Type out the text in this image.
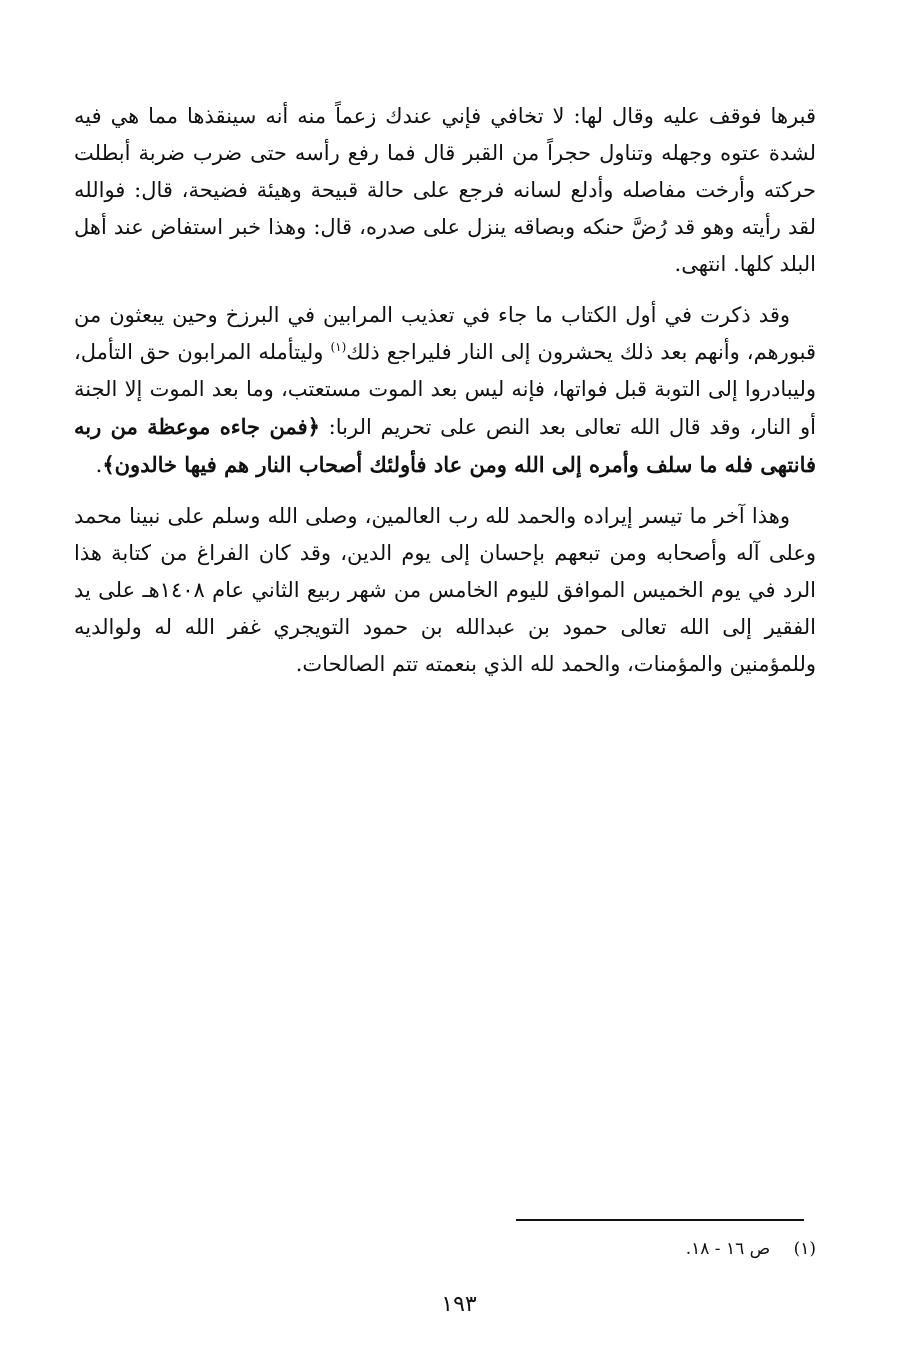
قبرها فوقف عليه وقال لها: لا تخافي فإني عندك زعماً منه أنه سينقذها مما هي فيه لشدة عتوه وجهله وتناول حجراً من القبر قال فما رفع رأسه حتى ضرب ضربة أبطلت حركته وأرخت مفاصله وأدلع لسانه فرجع على حالة قبيحة وهيئة فضيحة، قال: فوالله لقد رأيته وهو قد رُضَّ حنكه وبصاقه ينزل على صدره، قال: وهذا خبر استفاض عند أهل البلد كلها. انتهى.

وقد ذكرت في أول الكتاب ما جاء في تعذيب المرابين في البرزخ وحين يبعثون من قبورهم، وأنهم بعد ذلك يحشرون إلى النار فليراجع ذلك$^{(١)}$ وليتأمله المرابون حق التأمل، وليبادروا إلى التوبة قبل فواتها، فإنه ليس بعد الموت مستعتب، وما بعد الموت إلا الجنة أو النار، وقد قال الله تعالى بعد النص على تحريم الربا: ﴿فمن جاءه موعظة من ربه فانتهى فله ما سلف وأمره إلى الله ومن عاد فأولئك أصحاب النار هم فيها خالدون﴾.

وهذا آخر ما تيسر إيراده والحمد لله رب العالمين، وصلى الله وسلم على نبينا محمد وعلى آله وأصحابه ومن تبعهم بإحسان إلى يوم الدين، وقد كان الفراغ من كتابة هذا الرد في يوم الخميس الموافق لليوم الخامس من شهر ربيع الثاني عام ١٤٠٨هـ على يد الفقير إلى الله تعالى حمود بن عبدالله بن حمود التويجري غفر الله له ولوالديه وللمؤمنين والمؤمنات، والحمد لله الذي بنعمته تتم الصالحات.

(١) ص ١٦ - ١٨.
١٩٣
